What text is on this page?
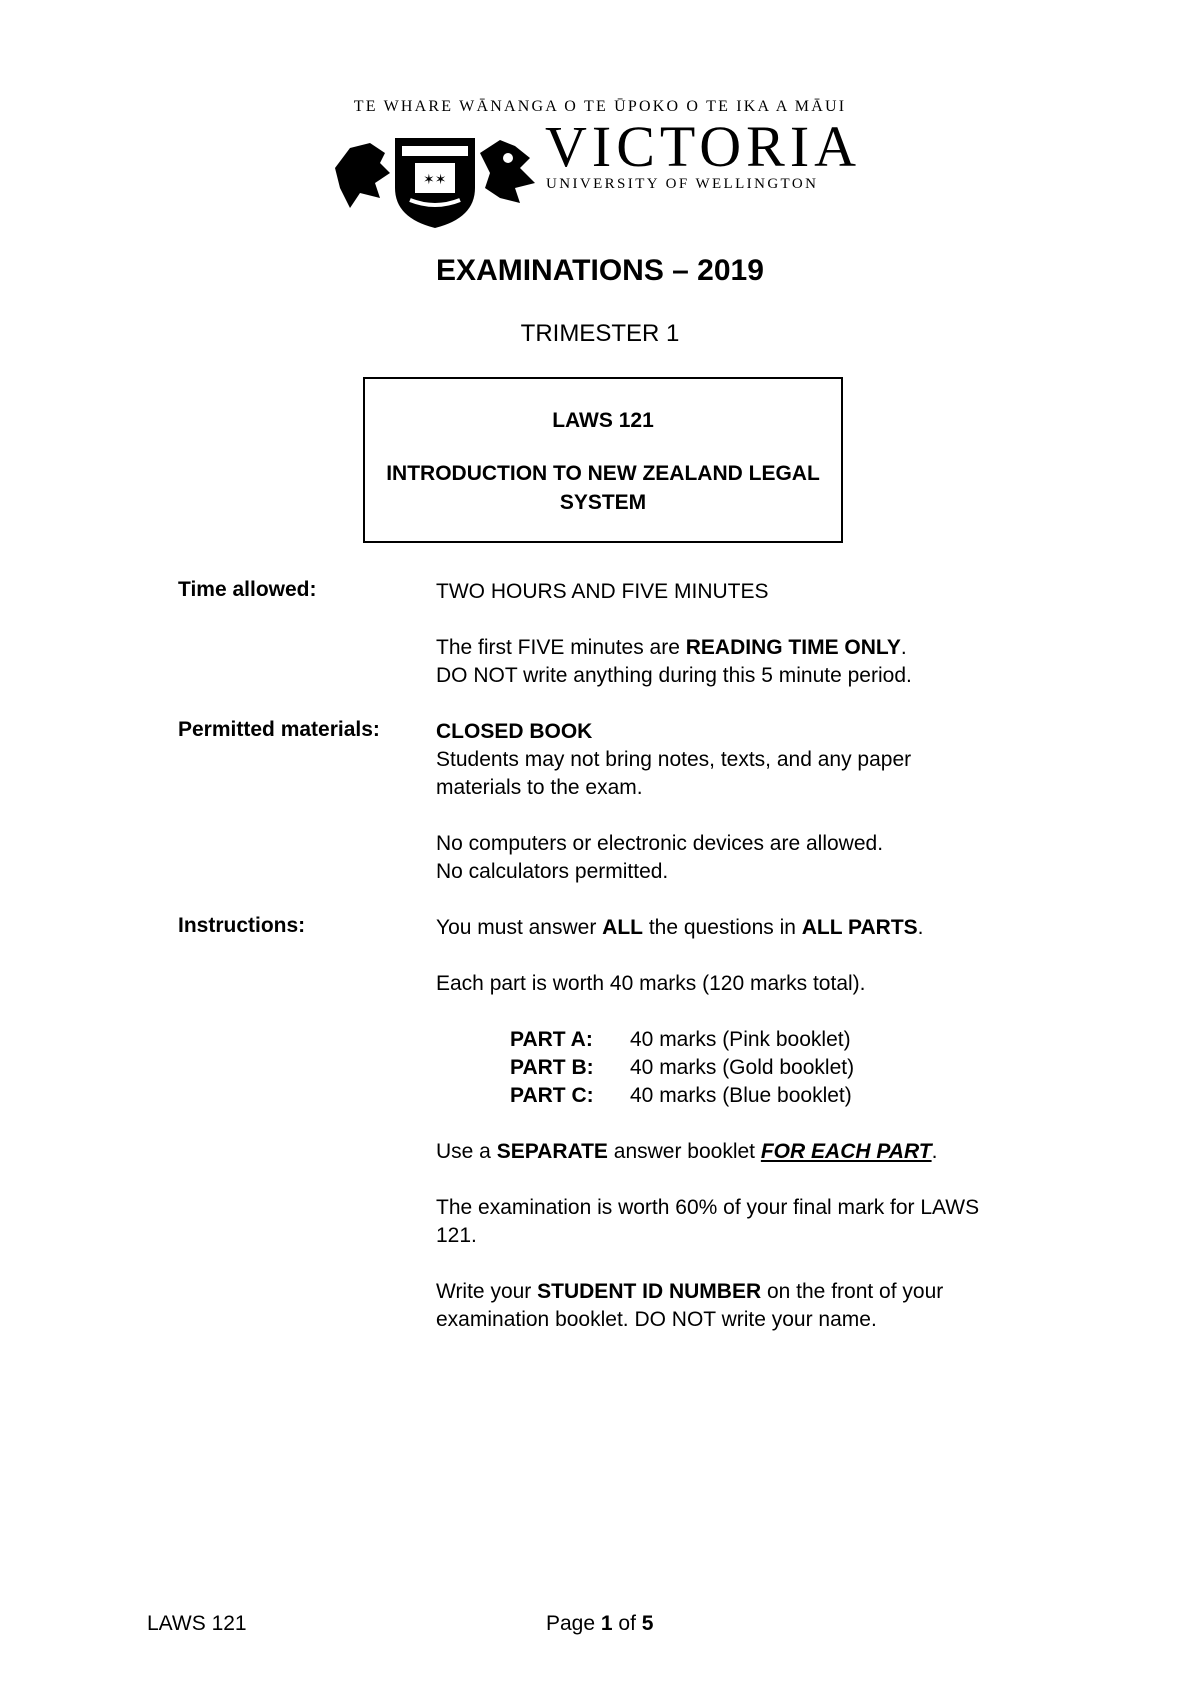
TE WHARE WĀNANGA O TE ŪPOKO O TE IKA A MĀUI
✶✶
VICTORIA
UNIVERSITY OF WELLINGTON
EXAMINATIONS – 2019
TRIMESTER 1
LAWS 121
INTRODUCTION TO NEW ZEALAND LEGAL SYSTEM
Time allowed:	TWO HOURS AND FIVE MINUTES
The first FIVE minutes are READING TIME ONLY.
DO NOT write anything during this 5 minute period.
Permitted materials:	CLOSED BOOK
Students may not bring notes, texts, and any paper materials to the exam.
No computers or electronic devices are allowed.
No calculators permitted.
Instructions:	You must answer ALL the questions in ALL PARTS.
Each part is worth 40 marks (120 marks total).
PART A:	40 marks (Pink booklet)
PART B:	40 marks (Gold booklet)
PART C:	40 marks (Blue booklet)
Use a SEPARATE answer booklet FOR EACH PART.
The examination is worth 60% of your final mark for LAWS 121.
Write your STUDENT ID NUMBER on the front of your examination booklet. DO NOT write your name.
LAWS 121	Page 1 of 5
